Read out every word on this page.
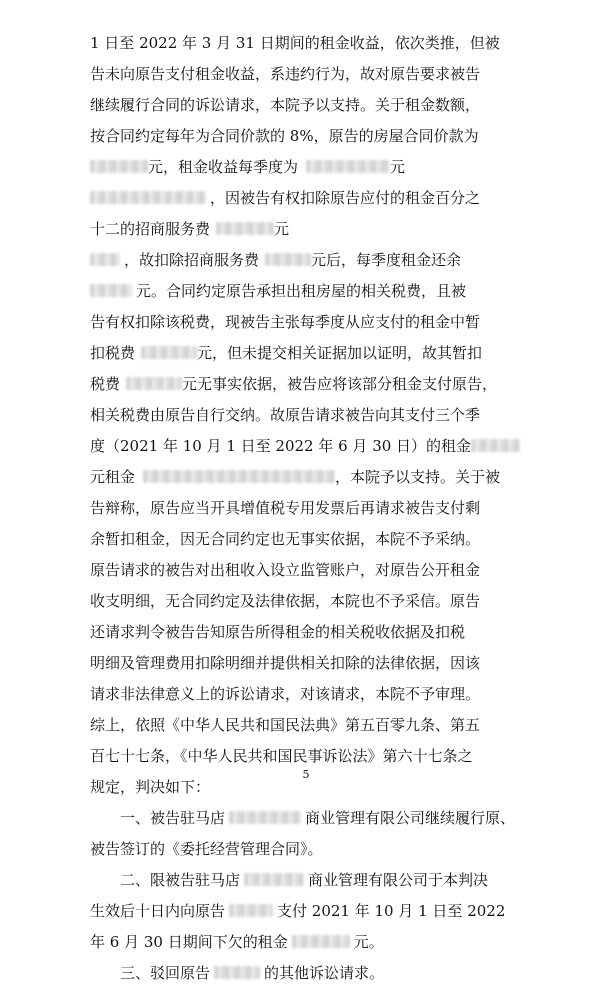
1 日至 2022 年 3 月 31 日期间的租金收益，依次类推，但被
告未向原告支付租金收益，系违约行为，故对原告要求被告
继续履行合同的诉讼请求，本院予以支持。关于租金数额，
按合同约定每年为合同价款的 8%，原告的房屋合同价款为
元，租金收益每季度为	元
，因被告有权扣除原告应付的租金百分之
十二的招商服务费	元
，故扣除招商服务费	元后，每季度租金还余
元。合同约定原告承担出租房屋的相关税费，且被
告有权扣除该税费，现被告主张每季度从应支付的租金中暂
扣税费	元，但未提交相关证据加以证明，故其暂扣
税费	元无事实依据，被告应将该部分租金支付原告，
相关税费由原告自行交纳。故原告请求被告向其支付三个季
度（2021 年 10 月 1 日至 2022 年 6 月 30 日）的租金
元租金	，本院予以支持。关于被
告辩称，原告应当开具增值税专用发票后再请求被告支付剩
余暂扣租金，因无合同约定也无事实依据，本院不予采纳。
原告请求的被告对出租收入设立监管账户，对原告公开租金
收支明细，无合同约定及法律依据，本院也不予采信。原告
还请求判令被告告知原告所得租金的相关税收依据及扣税
明细及管理费用扣除明细并提供相关扣除的法律依据，因该
请求非法律意义上的诉讼请求，对该请求，本院不予审理。
综上，依照《中华人民共和国民法典》第五百零九条、第五
百七十七条，《中华人民共和国民事诉讼法》第六十七条之
规定，判决如下：
一、被告驻马店	商业管理有限公司继续履行原、
被告签订的《委托经营管理合同》。
二、限被告驻马店	商业管理有限公司于本判决
生效后十日内向原告	支付 2021 年 10 月 1 日至 2022
年 6 月 30 日期间下欠的租金	元。
三、驳回原告	的其他诉讼请求。
5
